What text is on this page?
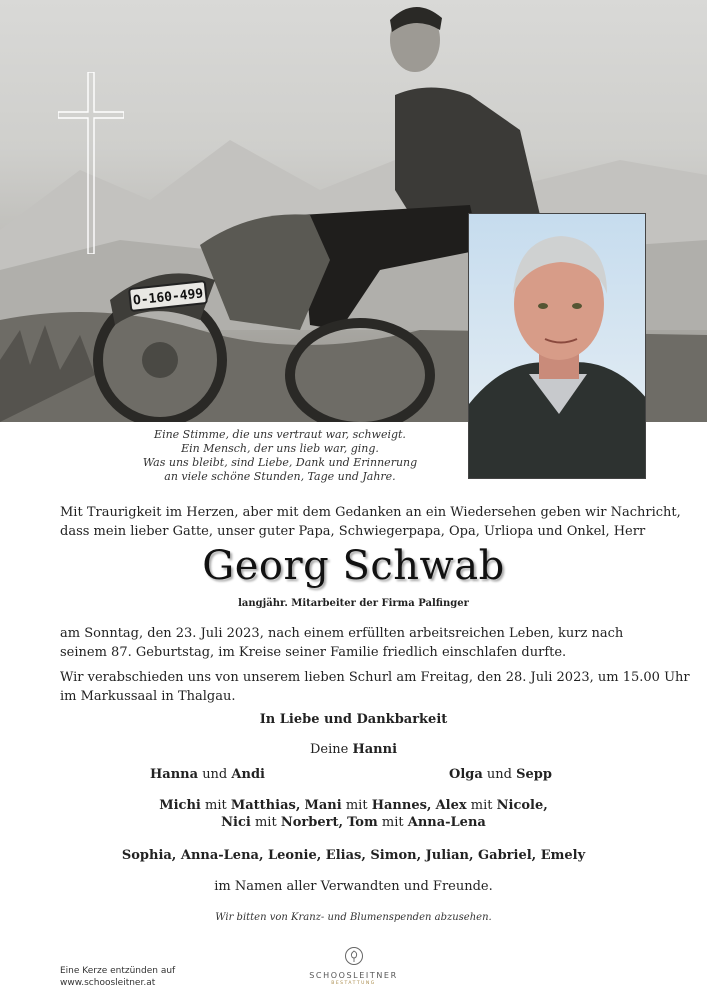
O-160-499
Eine Stimme, die uns vertraut war, schweigt.
Ein Mensch, der uns lieb war, ging.
Was uns bleibt, sind Liebe, Dank und Erinnerung
an viele schöne Stunden, Tage und Jahre.
Mit Traurigkeit im Herzen, aber mit dem Gedanken an ein Wiedersehen geben wir Nachricht,
dass mein lieber Gatte, unser guter Papa, Schwiegerpapa, Opa, Urliopa und Onkel, Herr
Georg Schwab
langjähr. Mitarbeiter der Firma Palfinger
am Sonntag, den 23. Juli 2023, nach einem erfüllten arbeitsreichen Leben, kurz nach
seinem 87. Geburtstag, im Kreise seiner Familie friedlich einschlafen durfte.
Wir verabschieden uns von unserem lieben Schurl am Freitag, den 28. Juli 2023, um 15.00 Uhr
im Markussaal in Thalgau.
In Liebe und Dankbarkeit
Deine Hanni
Hanna und Andi	Olga und Sepp
Michi mit Matthias, Mani mit Hannes, Alex mit Nicole,
Nici mit Norbert, Tom mit Anna-Lena
Sophia, Anna-Lena, Leonie, Elias, Simon, Julian, Gabriel, Emely
im Namen aller Verwandten und Freunde.
Wir bitten von Kranz- und Blumenspenden abzusehen.
Eine Kerze entzünden auf
www.schoosleitner.at
SCHOOSLEITNER
BESTATTUNG
